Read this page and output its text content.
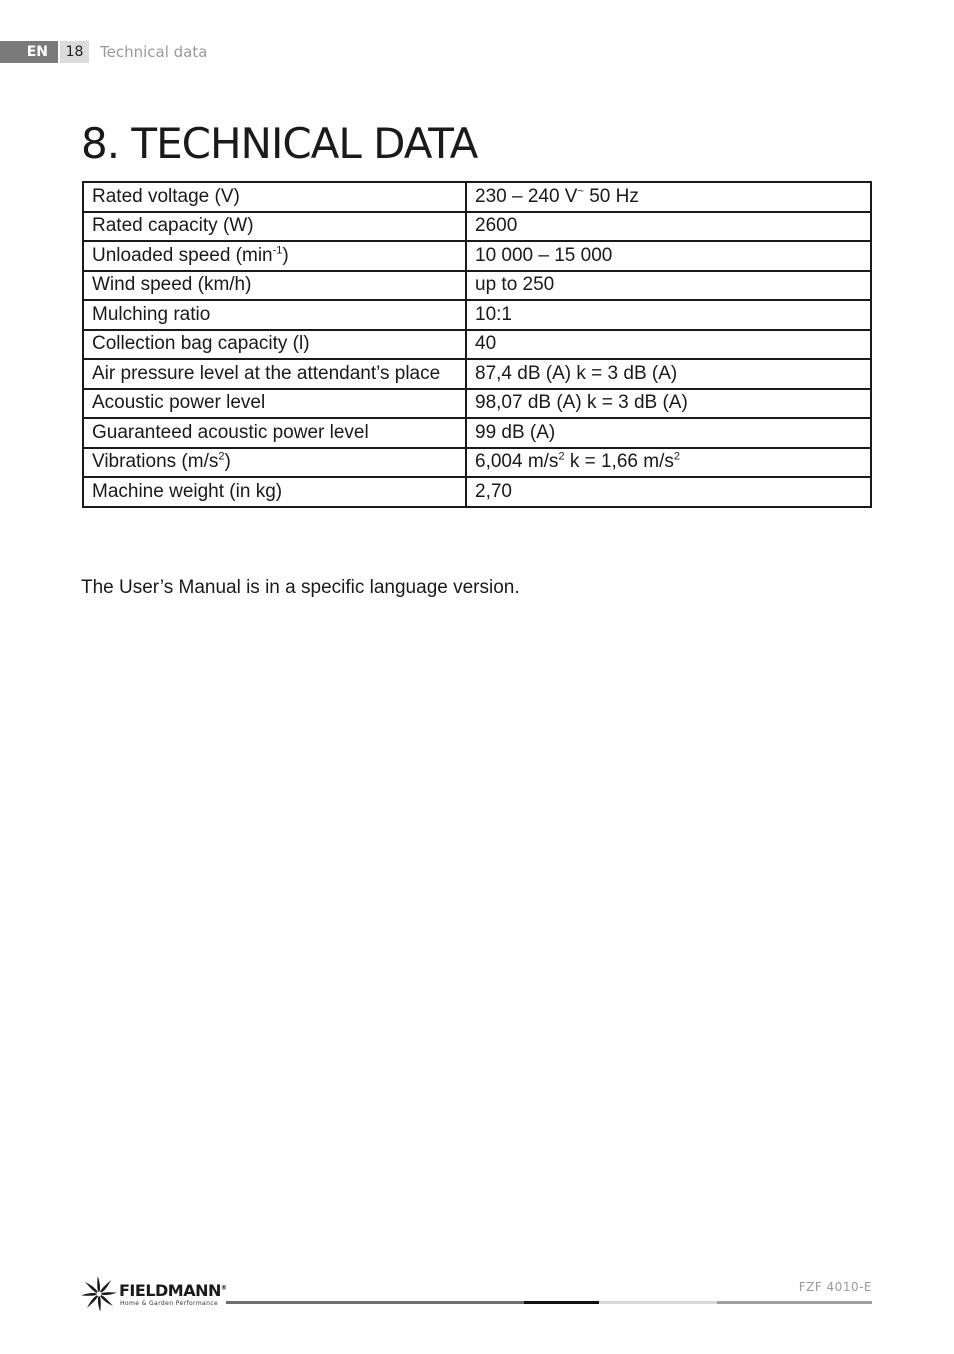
EN	18	Technical data
8. TECHNICAL DATA
Rated voltage (V)	230 – 240 V~ 50 Hz
Rated capacity (W)	2600
Unloaded speed $(\min^{-1})$	10 000 – 15 000
Wind speed (km/h)	up to 250
Mulching ratio	10:1
Collection bag capacity (l)	40
Air pressure level at the attendant’s place	87,4 dB (A) k = 3 dB (A)
Acoustic power level	98,07 dB (A) k = 3 dB (A)
Guaranteed acoustic power level	99 dB (A)
Vibrations $(m/s^2)$	6,004 $m/s^2$ k = 1,66 $m/s^2$
Machine weight (in kg)	2,70
The User’s Manual is in a specific language version.
FIELDMANN®
Home & Garden Performance
FZF 4010-E
